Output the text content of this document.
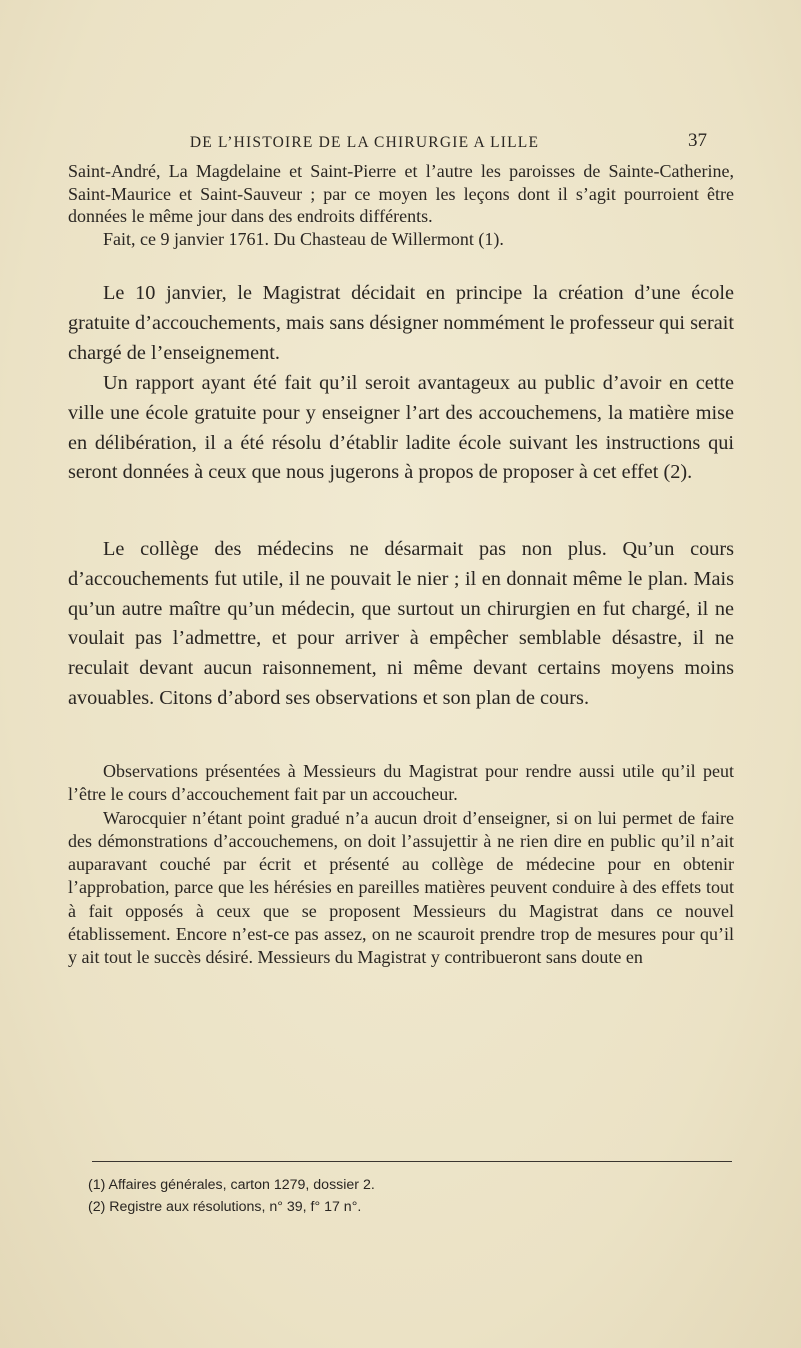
DE L’HISTOIRE DE LA CHIRURGIE A LILLE	37

Saint-André, La Magdelaine et Saint-Pierre et l’autre les paroisses de Sainte-Catherine, Saint-Maurice et Saint-Sauveur ; par ce moyen les leçons dont il s’agit pourroient être données le même jour dans des endroits différents.

Fait, ce 9 janvier 1761. Du Chasteau de Willermont (1).

Le 10 janvier, le Magistrat décidait en principe la création d’une école gratuite d’accouchements, mais sans désigner nommément le professeur qui serait chargé de l’enseignement.

Un rapport ayant été fait qu’il seroit avantageux au public d’avoir en cette ville une école gratuite pour y enseigner l’art des accouchemens, la matière mise en délibération, il a été résolu d’établir ladite école suivant les instructions qui seront données à ceux que nous jugerons à propos de proposer à cet effet (2).

Le collège des médecins ne désarmait pas non plus. Qu’un cours d’accouchements fut utile, il ne pouvait le nier ; il en donnait même le plan. Mais qu’un autre maître qu’un médecin, que surtout un chirurgien en fut chargé, il ne voulait pas l’admettre, et pour arriver à empêcher semblable désastre, il ne reculait devant aucun raisonnement, ni même devant certains moyens moins avouables. Citons d’abord ses observations et son plan de cours.

Observations présentées à Messieurs du Magistrat pour rendre aussi utile qu’il peut l’être le cours d’accouchement fait par un accoucheur.

Warocquier n’étant point gradué n’a aucun droit d’enseigner, si on lui permet de faire des démonstrations d’accouchemens, on doit l’assujettir à ne rien dire en public qu’il n’ait auparavant couché par écrit et présenté au collège de médecine pour en obtenir l’approbation, parce que les hérésies en pareilles matières peuvent conduire à des effets tout à fait opposés à ceux que se proposent Messieurs du Magistrat dans ce nouvel établissement. Encore n’est-ce pas assez, on ne scauroit prendre trop de mesures pour qu’il y ait tout le succès désiré. Messieurs du Magistrat y contribueront sans doute en

(1) Affaires générales, carton 1279, dossier 2.
(2) Registre aux résolutions, n° 39, f° 17 n°.
